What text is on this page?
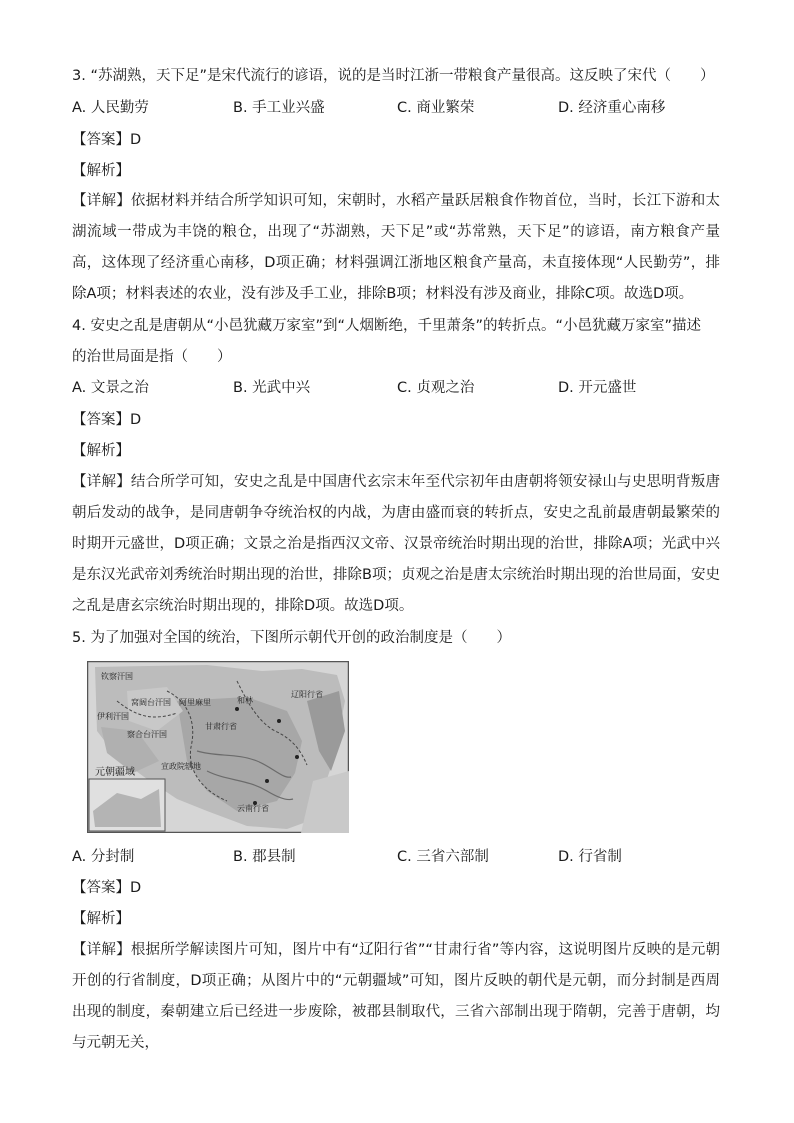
3. “苏湖熟，天下足”是宋代流行的谚语，说的是当时江浙一带粮食产量很高。这反映了宋代（　　）
A. 人民勤劳	B. 手工业兴盛	C. 商业繁荣	D. 经济重心南移
【答案】D
【解析】
【详解】依据材料并结合所学知识可知，宋朝时，水稻产量跃居粮食作物首位，当时，长江下游和太湖流域一带成为丰饶的粮仓，出现了“苏湖熟，天下足”或“苏常熟，天下足”的谚语，南方粮食产量高，这体现了经济重心南移，D项正确；材料强调江浙地区粮食产量高，未直接体现“人民勤劳”，排除A项；材料表述的农业，没有涉及手工业，排除B项；材料没有涉及商业，排除C项。故选D项。
4. 安史之乱是唐朝从“小邑犹藏万家室”到“人烟断绝，千里萧条”的转折点。“小邑犹藏万家室”描述
的治世局面是指（　　）
A. 文景之治	B. 光武中兴	C. 贞观之治	D. 开元盛世
【答案】D
【解析】
【详解】结合所学可知，安史之乱是中国唐代玄宗末年至代宗初年由唐朝将领安禄山与史思明背叛唐朝后发动的战争，是同唐朝争夺统治权的内战，为唐由盛而衰的转折点，安史之乱前最唐朝最繁荣的时期开元盛世，D项正确；文景之治是指西汉文帝、汉景帝统治时期出现的治世，排除A项；光武中兴是东汉光武帝刘秀统治时期出现的治世，排除B项；贞观之治是唐太宗统治时期出现的治世局面，安史之乱是唐玄宗统治时期出现的，排除D项。故选D项。
5. 为了加强对全国的统治，下图所示朝代开创的政治制度是（　　）
钦察汗国
伊利汗国
窝阔台汗国
察合台汗国
阿里麻里	和林
辽阳行省
甘肃行省
宣政院辖地
云南行省
元朝疆域
A. 分封制	B. 郡县制	C. 三省六部制	D. 行省制
【答案】D
【解析】
【详解】根据所学解读图片可知，图片中有“辽阳行省”“甘肃行省”等内容，这说明图片反映的是元朝开创的行省制度，D项正确；从图片中的“元朝疆域”可知，图片反映的朝代是元朝，而分封制是西周出现的制度，秦朝建立后已经进一步废除，被郡县制取代，三省六部制出现于隋朝，完善于唐朝，均与元朝无关，
